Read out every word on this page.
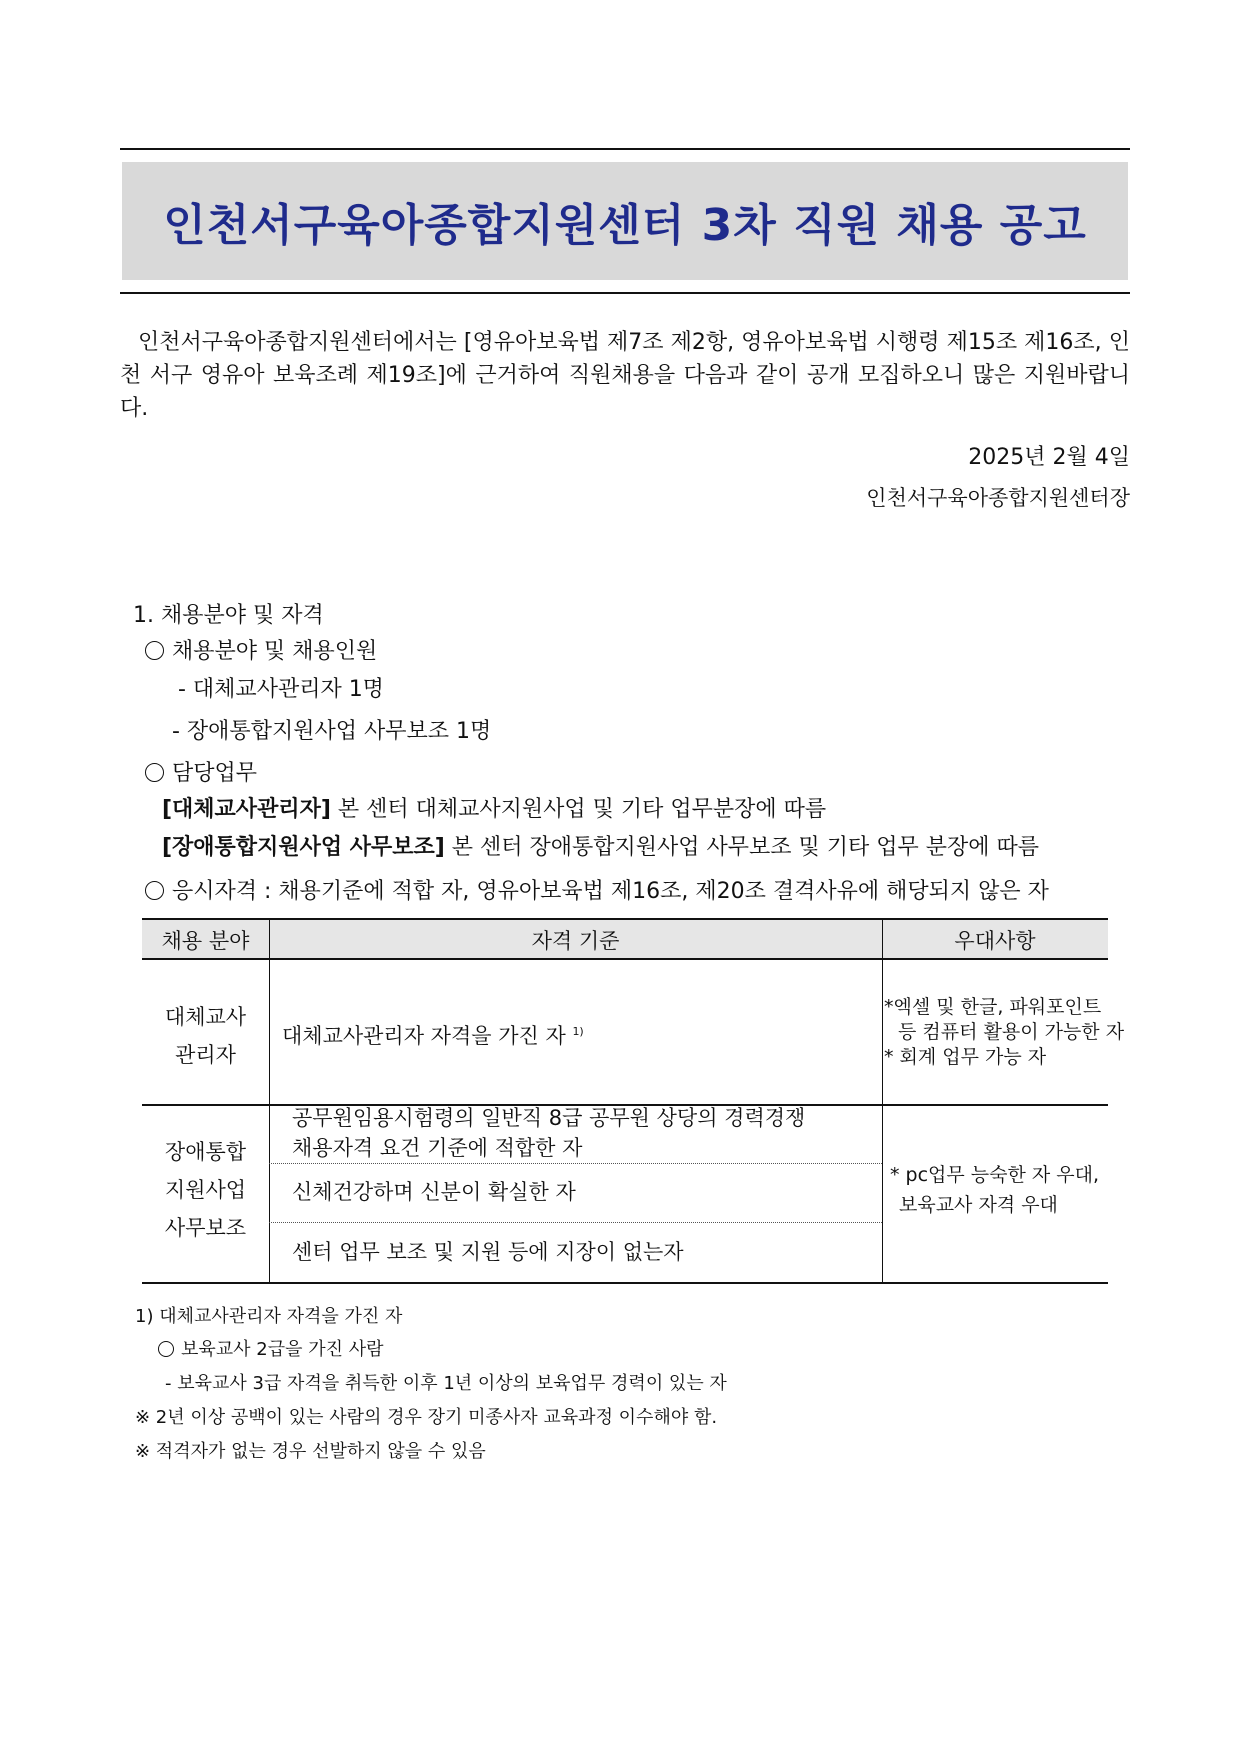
인천서구육아종합지원센터 3차 직원 채용 공고
인천서구육아종합지원센터에서는 [영유아보육법 제7조 제2항, 영유아보육법 시행령 제15조 제16조, 인천 서구 영유아 보육조례 제19조]에 근거하여 직원채용을 다음과 같이 공개 모집하오니 많은 지원바랍니다.
2025년 2월 4일
인천서구육아종합지원센터장
1. 채용분야 및 자격
채용분야 및 채용인원
- 대체교사관리자 1명
- 장애통합지원사업 사무보조 1명
담당업무
[대체교사관리자] 본 센터 대체교사지원사업 및 기타 업무분장에 따름
[장애통합지원사업 사무보조] 본 센터 장애통합지원사업 사무보조 및 기타 업무 분장에 따름
응시자격 : 채용기준에 적합 자, 영유아보육법 제16조, 제20조 결격사유에 해당되지 않은 자
채용 분야	자격 기준	우대사항
대체교사
관리자
대체교사관리자 자격을 가진 자 $^{1)}$
*엑셀 및 한글, 파워포인트
등 컴퓨터 활용이 가능한 자
* 회계 업무 가능 자
장애통합
지원사업
사무보조
공무원임용시험령의 일반직 8급 공무원 상당의 경력경쟁
채용자격 요건 기준에 적합한 자
신체건강하며 신분이 확실한 자
센터 업무 보조 및 지원 등에 지장이 없는자
* pc업무 능숙한 자 우대,
보육교사 자격 우대
1) 대체교사관리자 자격을 가진 자
보육교사 2급을 가진 사람
- 보육교사 3급 자격을 취득한 이후 1년 이상의 보육업무 경력이 있는 자
※ 2년 이상 공백이 있는 사람의 경우 장기 미종사자 교육과정 이수해야 함.
※ 적격자가 없는 경우 선발하지 않을 수 있음
